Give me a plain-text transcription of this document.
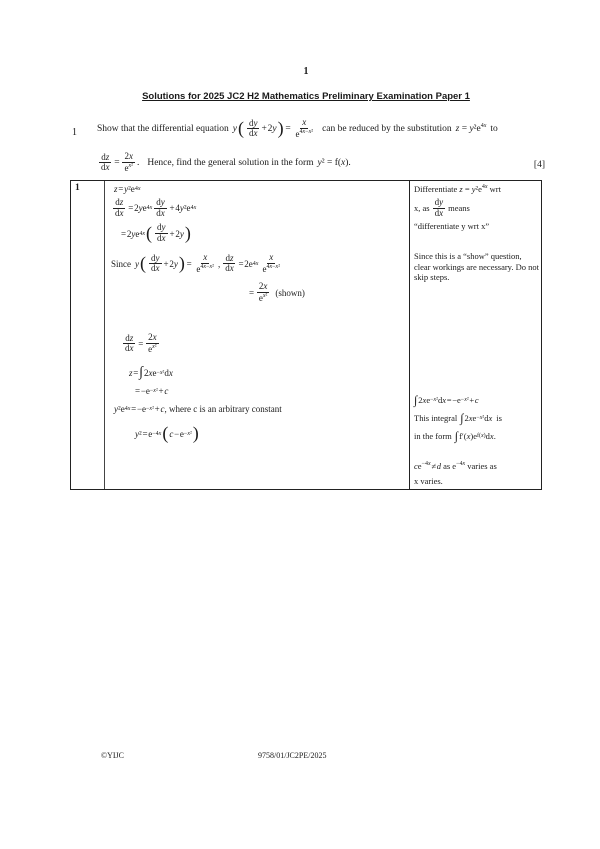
1
Solutions for 2025 JC2 H2 Mathematics Preliminary Examination Paper 1
1 Show that the differential equation y ( $\frac{dy}{dx}$ + 2 y )  =  $\frac{x}{e^{4x-x^2}}$ can be reduced by the substitution $z = y^2e^{4x}$ to
$\frac{dz}{dx}$  =  $\frac{2x}{e^{x^2}}$ . Hence, find the general solution in the form y² = f(x).	[4]
1	z  =  y ²e 4x
$\frac{dz}{dx}$  = 2 y e $4x \frac{dy}{dx}$  + 4 y ²e 4x
= 2 y e 4x ( $\frac{dy}{dx}$ + 2 y )
Since y ( $\frac{dy}{dx}$ + 2 y )  =  $\frac{x}{e^{4x-x^2}}$ , $\frac{dz}{dx}$  = 2e $4x \frac{x}{e^{4x-x^2}}$
=  $\frac{2x}{e^{x^2}}$ (shown)
$\frac{dz}{dx}$  =  $\frac{2x}{e^{x^2}}$
z  =  ∫ 2 x e −x² d x
= −e −x²  +  c
y ²e 4x  = −e −x²  +  c , where c is an arbitrary constant
y ² = e −4x ( c  − e −x² )
Differentiate $z = y^2e^{4x}$ wrt
x, as $\frac{dy}{dx}$ means
“differentiate y wrt x”
Since this is a “show” question, clear workings are necessary. Do not skip steps.
∫ 2 x e −x² d x  = −e −x²  +  c
This integral ∫ 2 x e −x² d x is
in the form ∫ f′( x )e f(x) d x .
$ce^{-4x}$ ≠ d as $e^{-4x}$ varies as
x varies.
©YIJC	9758/01/JC2PE/2025
